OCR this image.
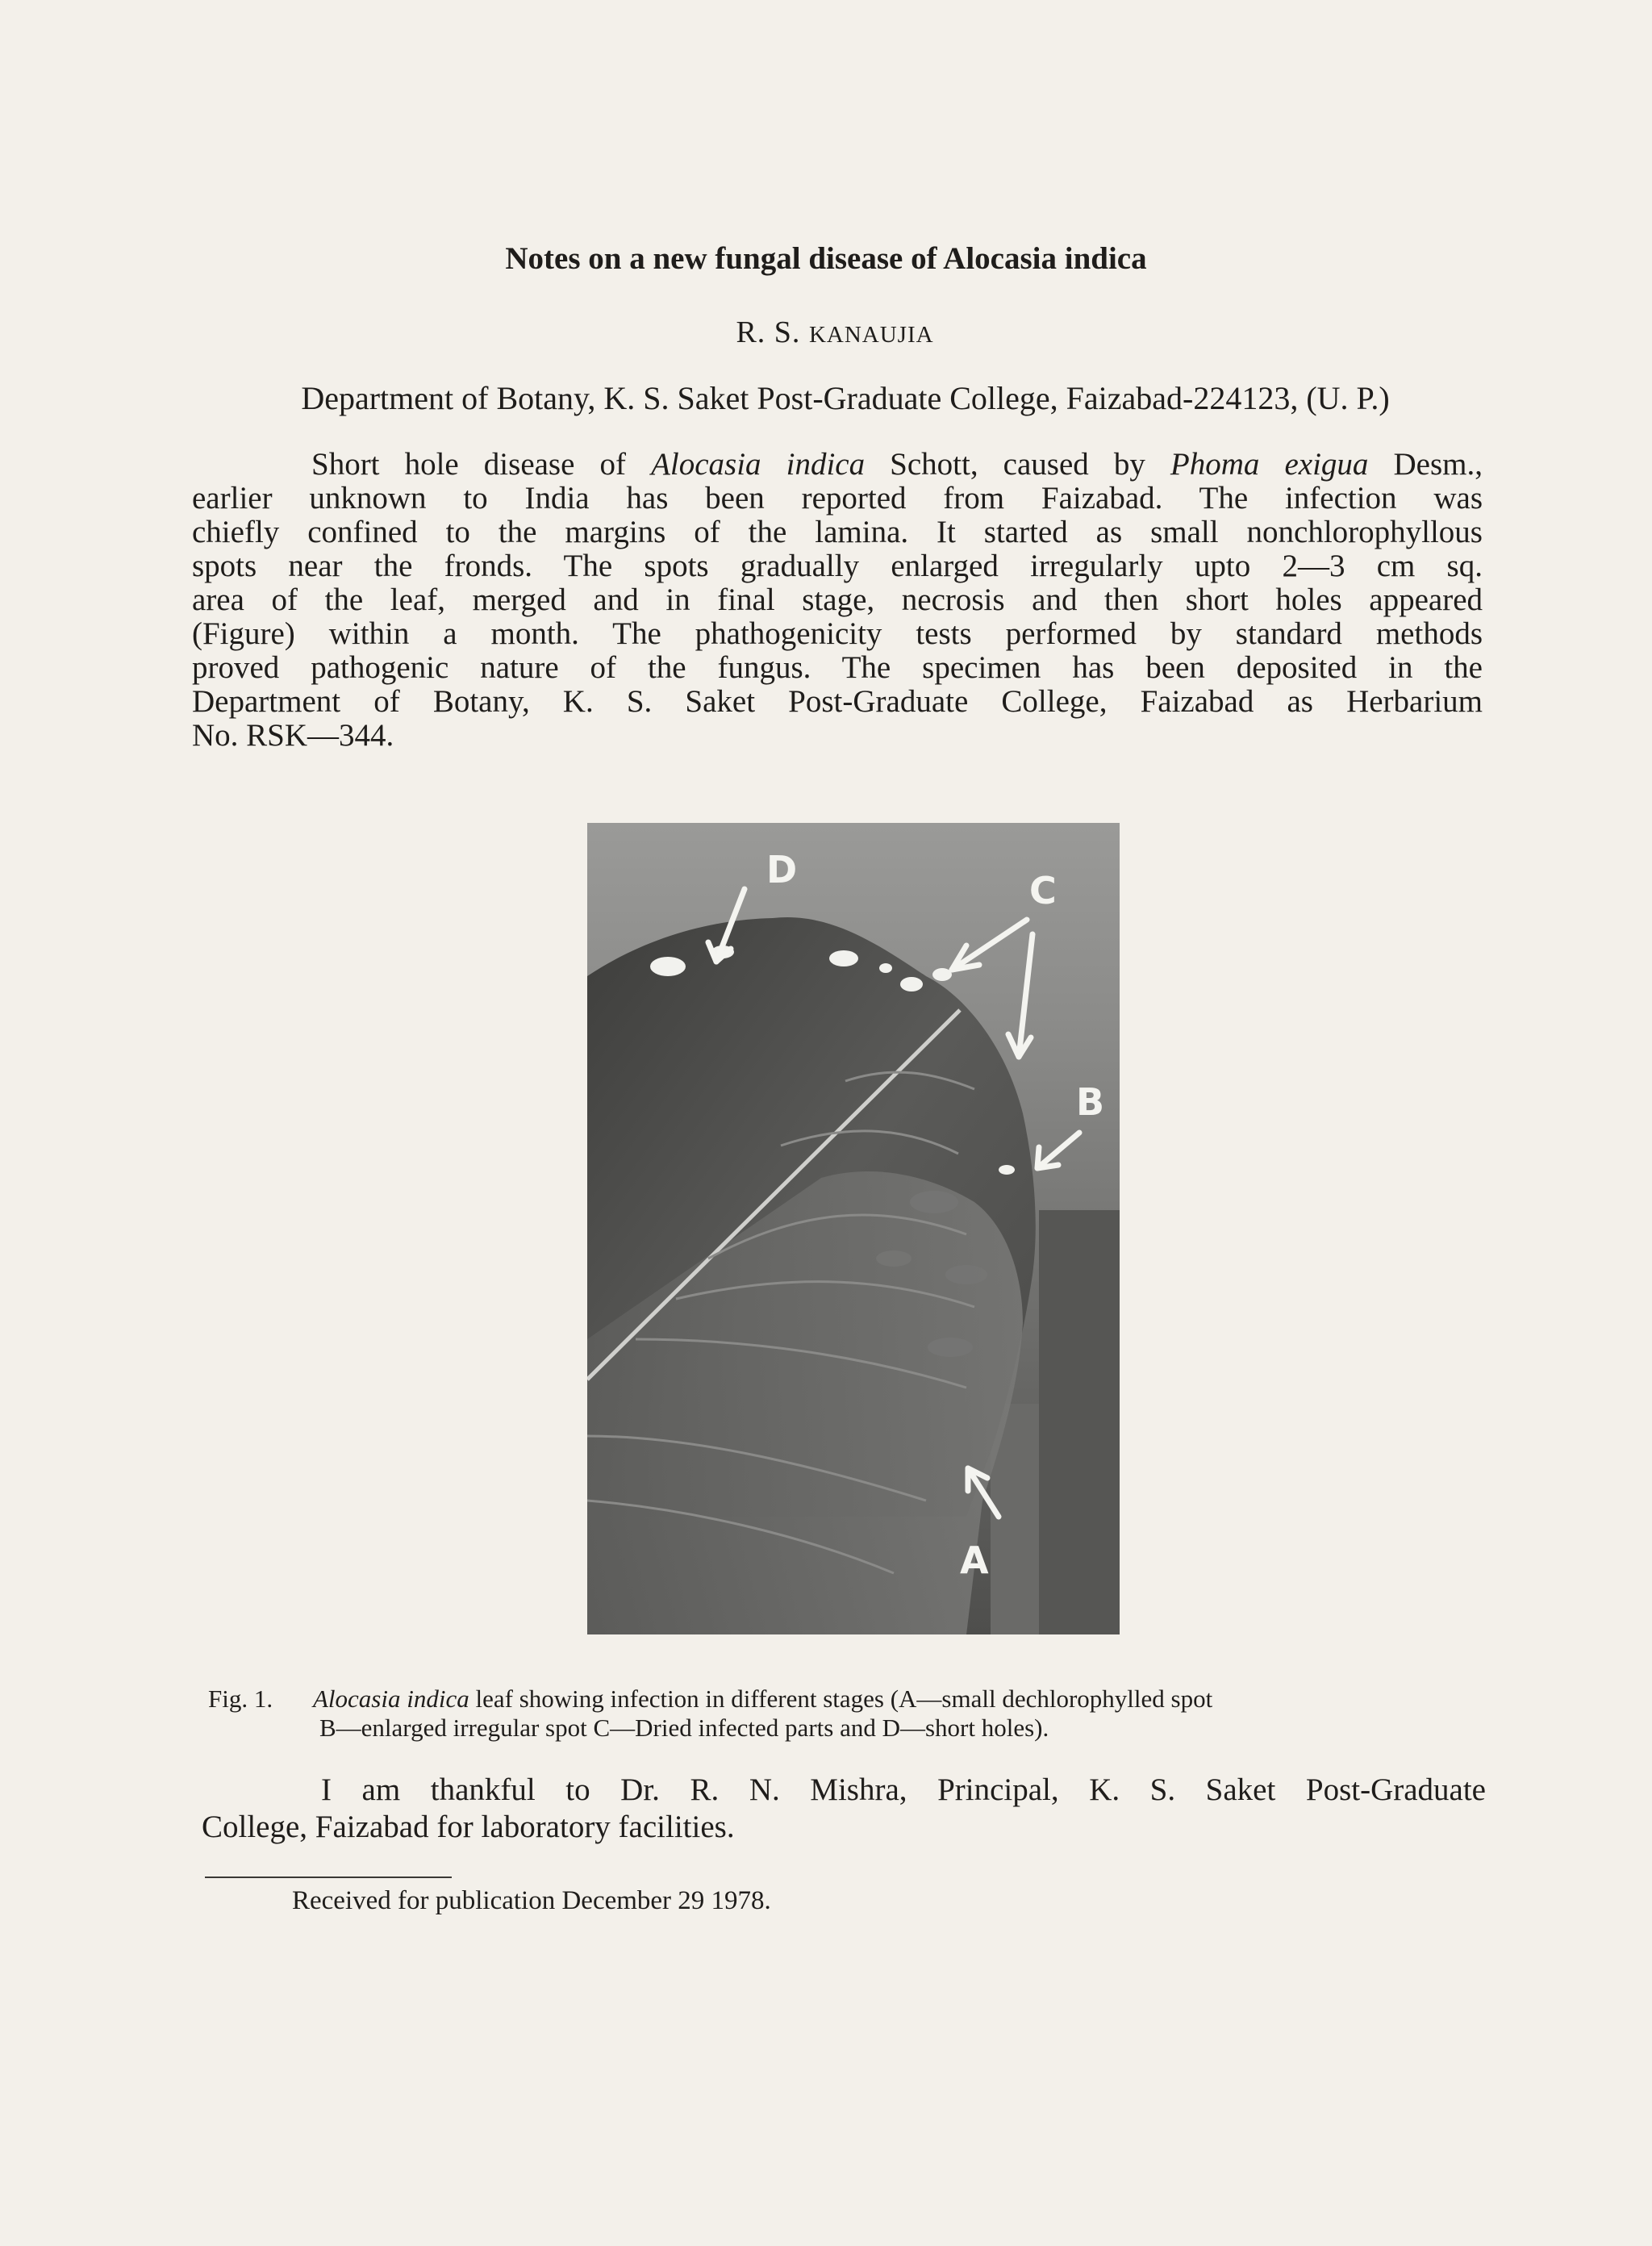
Notes on a new fungal disease of Alocasia indica
R. S. KANAUJIA
Department of Botany, K. S. Saket Post-Graduate College, Faizabad-224123, (U. P.)
Short hole disease of Alocasia indica Schott, caused by Phoma exigua Desm.,
earlier unknown to India has been reported from Faizabad. The infection was
chiefly confined to the margins of the lamina. It started as small nonchlorophyllous
spots near the fronds. The spots gradually enlarged irregularly upto 2—3 cm sq.
area of the leaf, merged and in final stage, necrosis and then short holes appeared
(Figure) within a month. The phathogenicity tests performed by standard methods
proved pathogenic nature of the fungus. The specimen has been deposited in the
Department of Botany, K. S. Saket Post-Graduate College, Faizabad as Herbarium
No. RSK—344.
D	C
B
A
Fig. 1. Alocasia indica leaf showing infection in different stages (A—small dechlorophylled spot
B—enlarged irregular spot C—Dried infected parts and D—short holes).
I am thankful to Dr. R. N. Mishra, Principal, K. S. Saket Post-Graduate
College, Faizabad for laboratory facilities.
Received for publication December 29 1978.
